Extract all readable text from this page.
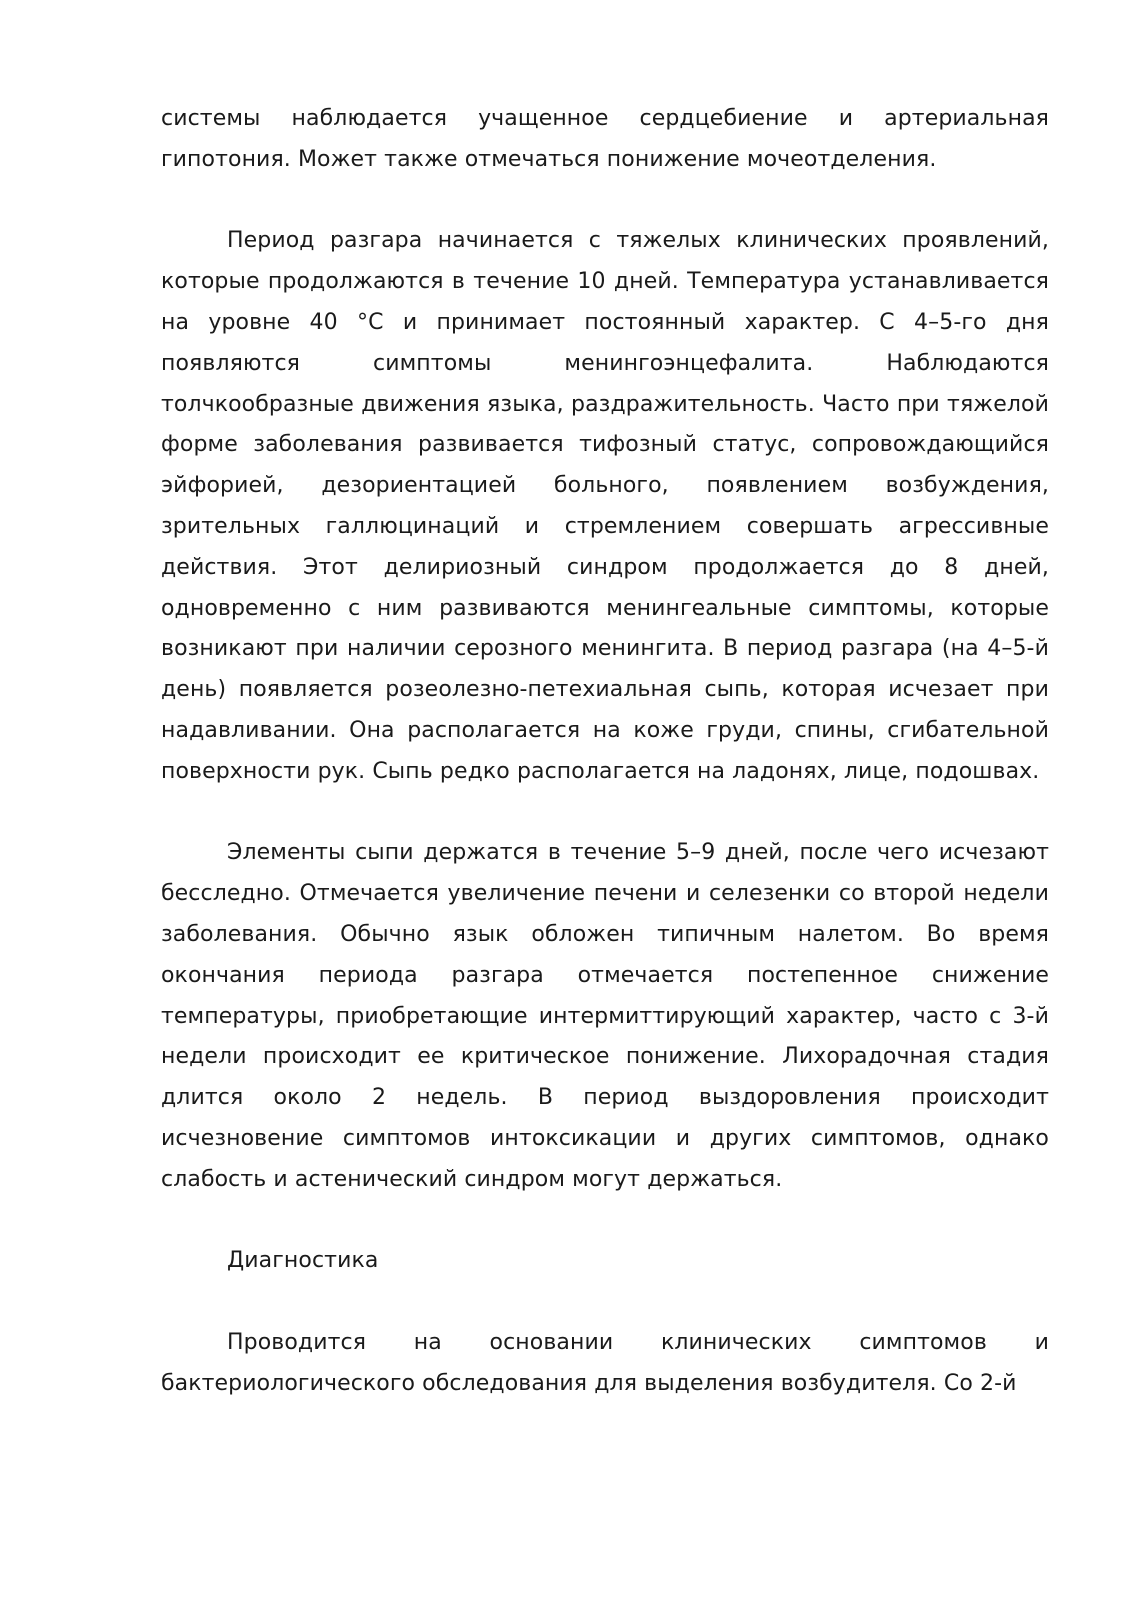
системы наблюдается учащенное сердцебиение и артериальная гипотония. Может также отмечаться понижение мочеотделения.

Период разгара начинается с тяжелых клинических проявлений, которые продолжаются в течение 10 дней. Температура устанавливается на уровне 40 °С и принимает постоянный характер. С 4–5-го дня появляются симптомы менингоэнцефалита. Наблюдаются толчкообразные движения языка, раздражительность. Часто при тяжелой форме заболевания развивается тифозный статус, сопровождающийся эйфорией, дезориентацией больного, появлением возбуждения, зрительных галлюцинаций и стремлением совершать агрессивные действия. Этот делириозный синдром продолжается до 8 дней, одновременно с ним развиваются менингеальные симптомы, которые возникают при наличии серозного менингита. В период разгара (на 4–5-й день) появляется розеолезно-петехиальная сыпь, которая исчезает при надавливании. Она располагается на коже груди, спины, сгибательной поверхности рук. Сыпь редко располагается на ладонях, лице, подошвах.

Элементы сыпи держатся в течение 5–9 дней, после чего исчезают бесследно. Отмечается увеличение печени и селезенки со второй недели заболевания. Обычно язык обложен типичным налетом. Во время окончания периода разгара отмечается постепенное снижение температуры, приобретающие интермиттирующий характер, часто с 3-й недели происходит ее критическое понижение. Лихорадочная стадия длится около 2 недель. В период выздоровления происходит исчезновение симптомов интоксикации и других симптомов, однако слабость и астенический синдром могут держаться.

Диагностика

Проводится на основании клинических симптомов и бактериологического обследования для выделения возбудителя. Со 2-й
